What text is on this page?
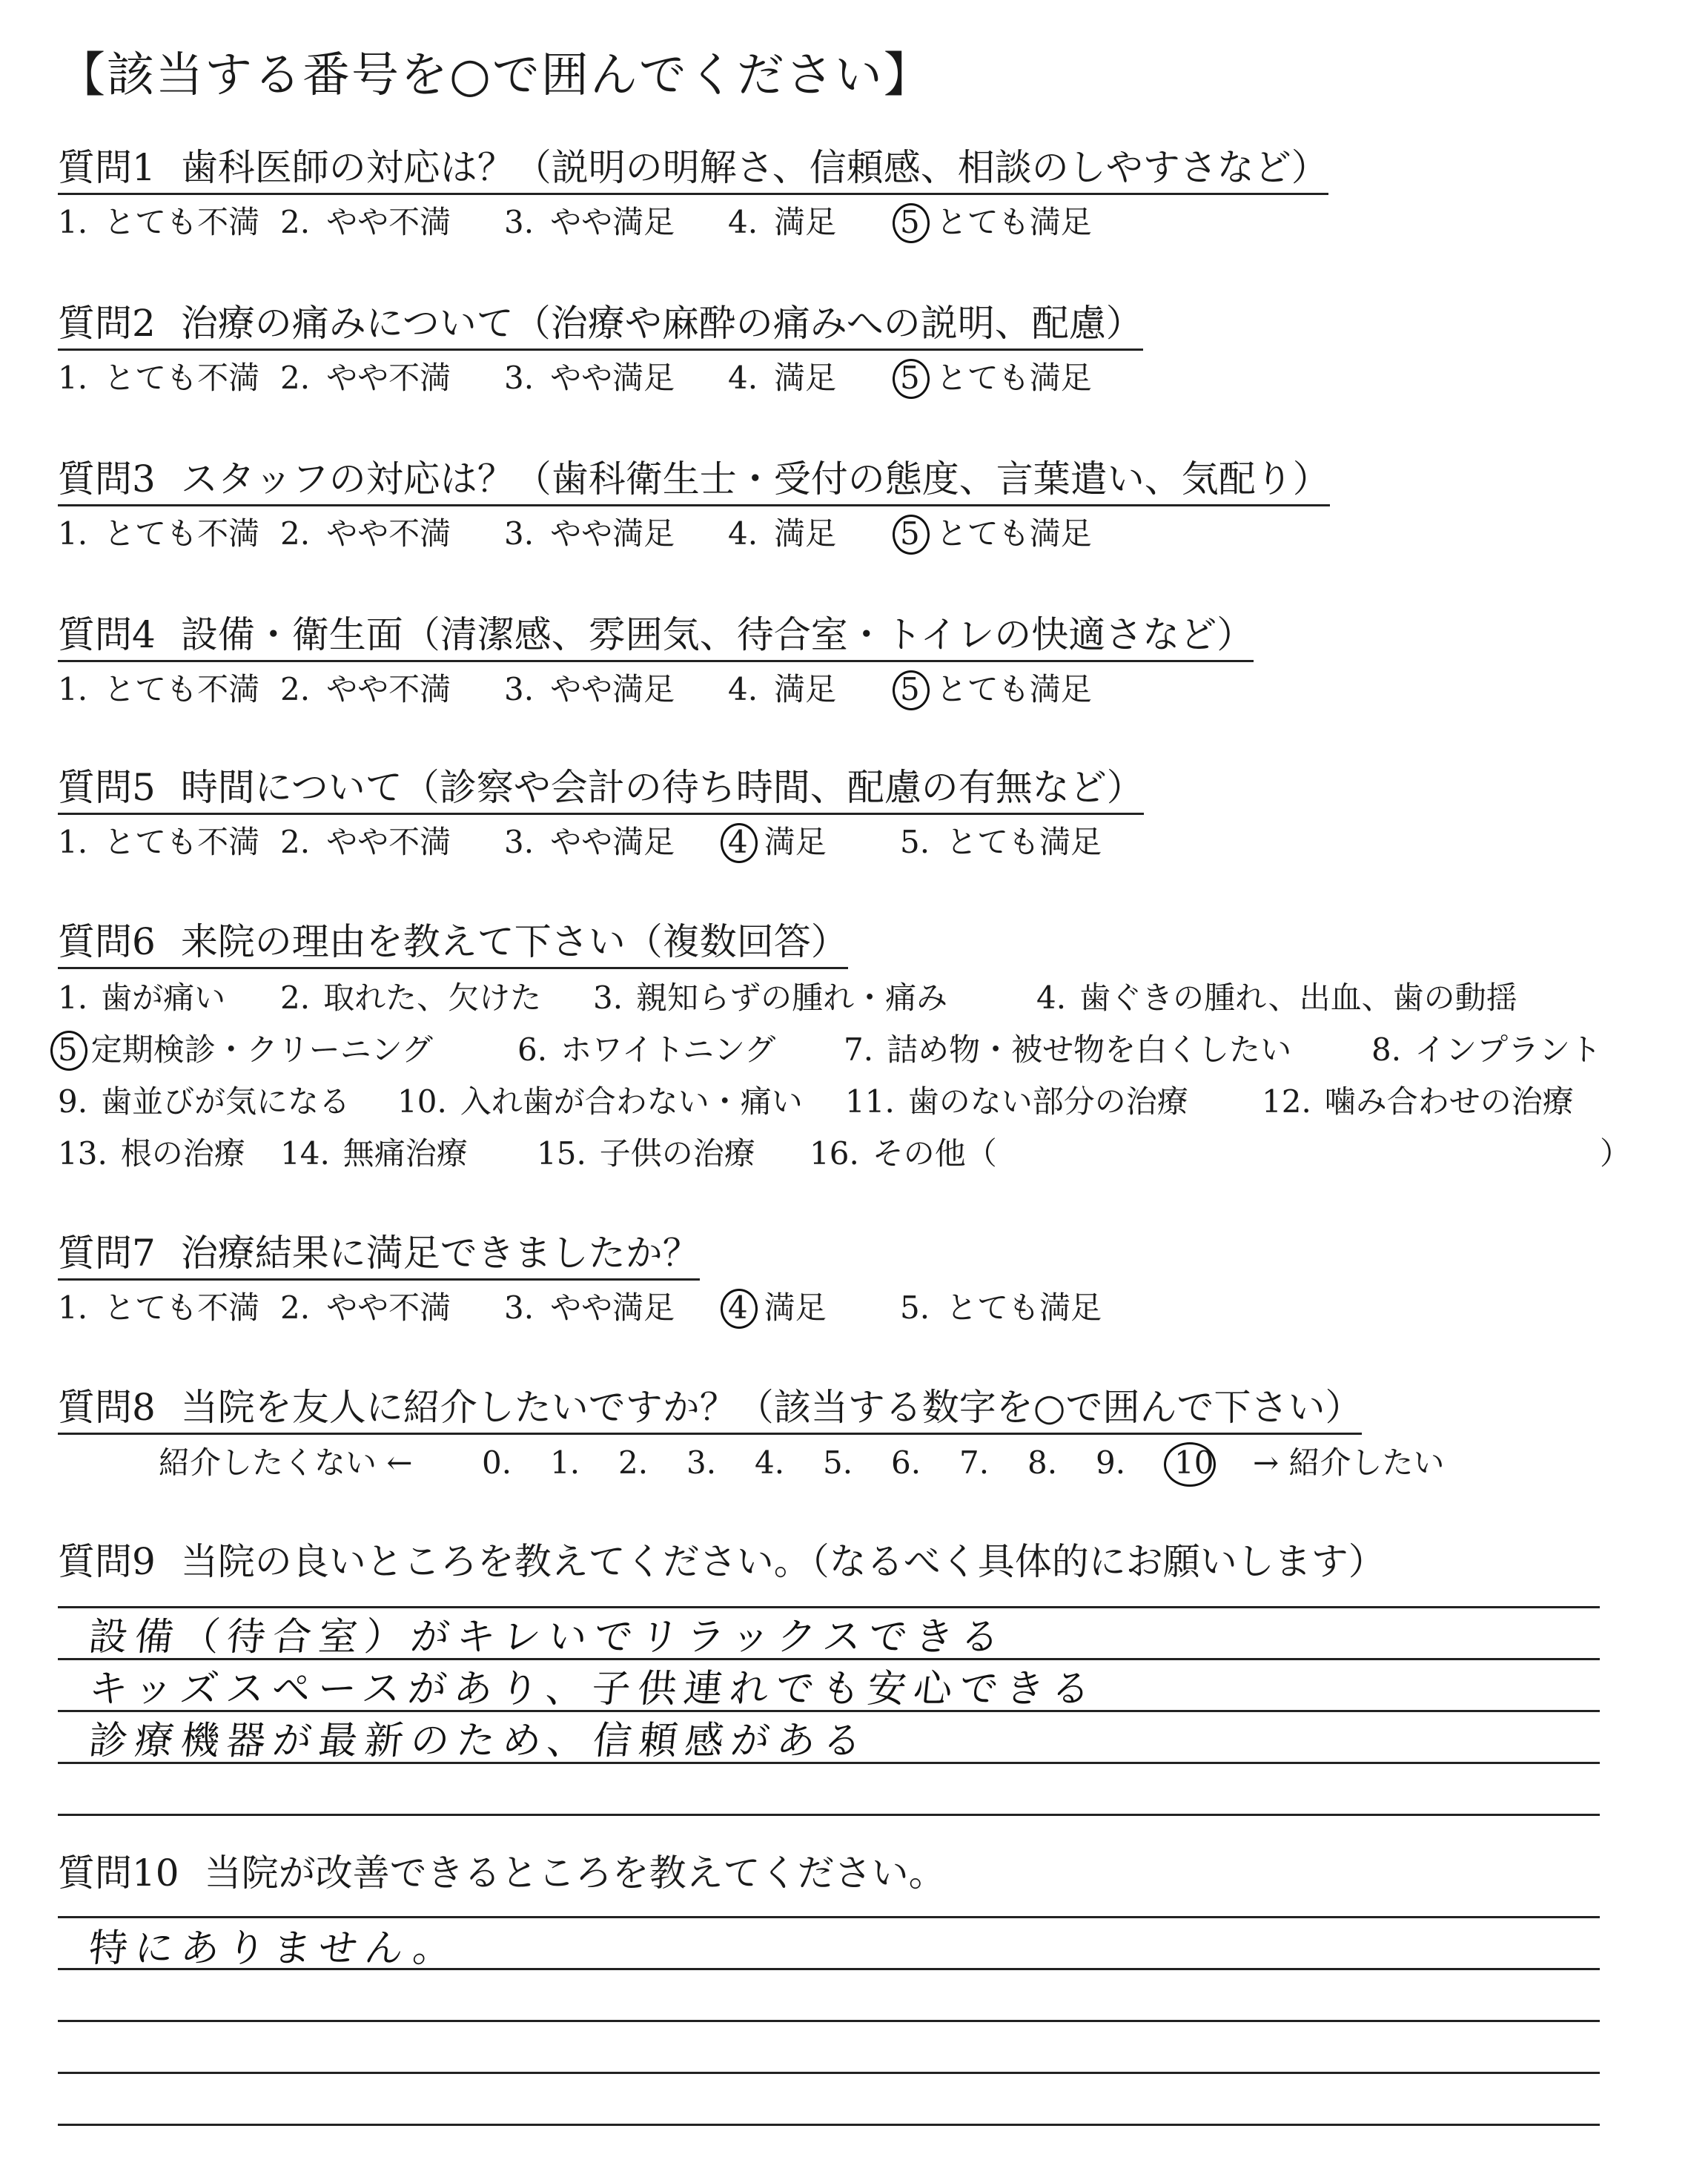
【該当する番号を○で囲んでください】
質問1 歯科医師の対応は？（説明の明解さ、信頼感、相談のしやすさなど）
1. とても不満 2. やや不満 3. やや満足 4. 満足 5 とても満足
質問2 治療の痛みについて（治療や麻酔の痛みへの説明、配慮）
1. とても不満 2. やや不満 3. やや満足 4. 満足 5 とても満足
質問3 スタッフの対応は？（歯科衛生士・受付の態度、言葉遣い、気配り）
1. とても不満 2. やや不満 3. やや満足 4. 満足 5 とても満足
質問4 設備・衛生面（清潔感、雰囲気、待合室・トイレの快適さなど）
1. とても不満 2. やや不満 3. やや満足 4. 満足 5 とても満足
質問5 時間について（診察や会計の待ち時間、配慮の有無など）
1. とても不満 2. やや不満 3. やや満足 4 満足 5. とても満足
質問6 来院の理由を教えて下さい（複数回答）
1. 歯が痛い 2. 取れた、欠けた 3. 親知らずの腫れ・痛み	4. 歯ぐきの腫れ、出血、歯の動揺
5 定期検診・クリーニング	6. ホワイトニング 7. 詰め物・被せ物を白くしたい	8. インプラント
9. 歯並びが気になる 10. 入れ歯が合わない・痛い 11. 歯のない部分の治療 12. 噛み合わせの治療
13. 根の治療 14. 無痛治療 15. 子供の治療 16. その他（	）
質問7 治療結果に満足できましたか？
1. とても不満 2. やや不満 3. やや満足 4 満足 5. とても満足
質問8 当院を友人に紹介したいですか？（該当する数字を○で囲んで下さい）
紹介したくない ← 0. 1. 2. 3. 4. 5. 6. 7. 8. 9. 10 → 紹介したい
質問9 当院の良いところを教えてください。（なるべく具体的にお願いします）
設備（待合室）がキレいでリラックスできる
キッズスペースがあり、子供連れでも安心できる
診療機器が最新のため、信頼感がある
質問10 当院が改善できるところを教えてください。
特にありません。
